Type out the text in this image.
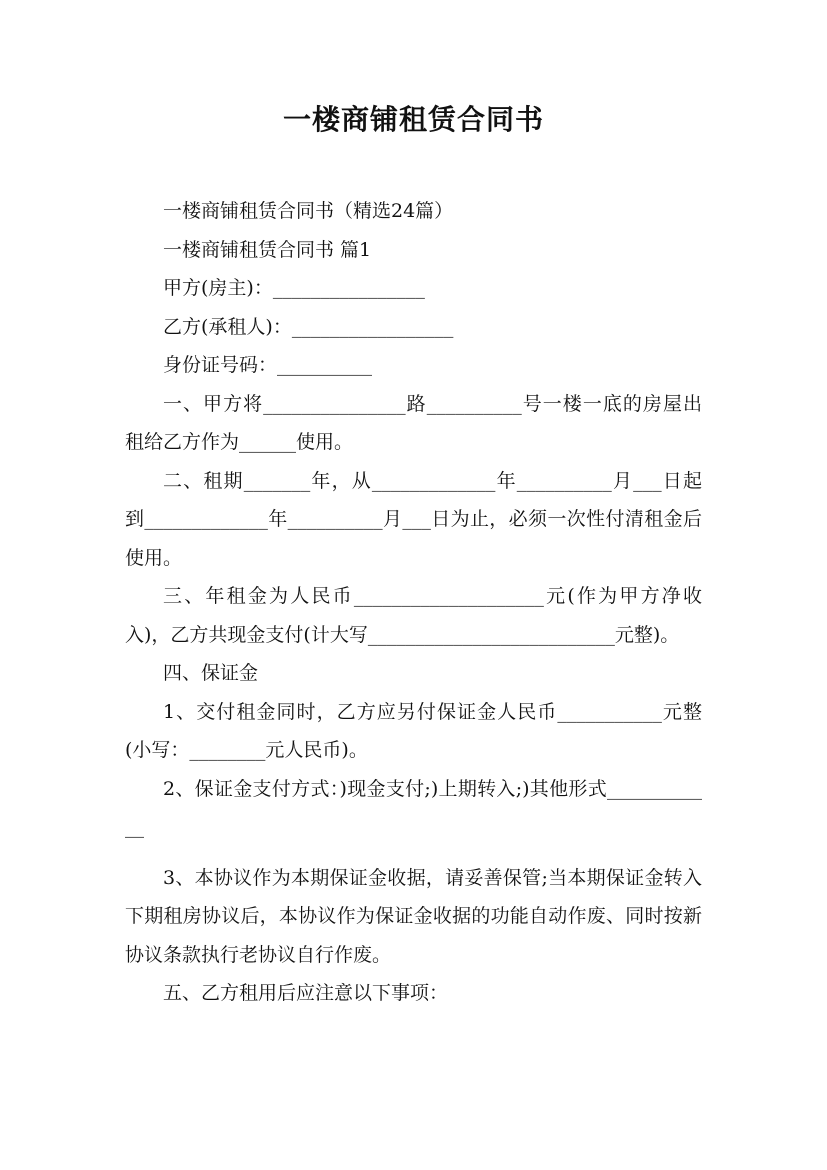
一楼商铺租赁合同书

一楼商铺租赁合同书（精选24篇）

一楼商铺租赁合同书 篇1

甲方(房主)：________________

乙方(承租人)：_________________

身份证号码：__________

一、甲方将_______________路__________号一楼一底的房屋出租给乙方作为______使用。

二、租期_______年，从_____________年__________月___日起到_____________年__________月___日为止，必须一次性付清租金后使用。

三、年租金为人民币____________________元(作为甲方净收入)，乙方共现金支付(计大写__________________________元整)。

四、保证金

1、交付租金同时，乙方应另付保证金人民币___________元整(小写：________元人民币)。

2、保证金支付方式：)现金支付;)上期转入;)其他形式____________

3、本协议作为本期保证金收据，请妥善保管;当本期保证金转入下期租房协议后，本协议作为保证金收据的功能自动作废、同时按新协议条款执行老协议自行作废。

五、乙方租用后应注意以下事项：
